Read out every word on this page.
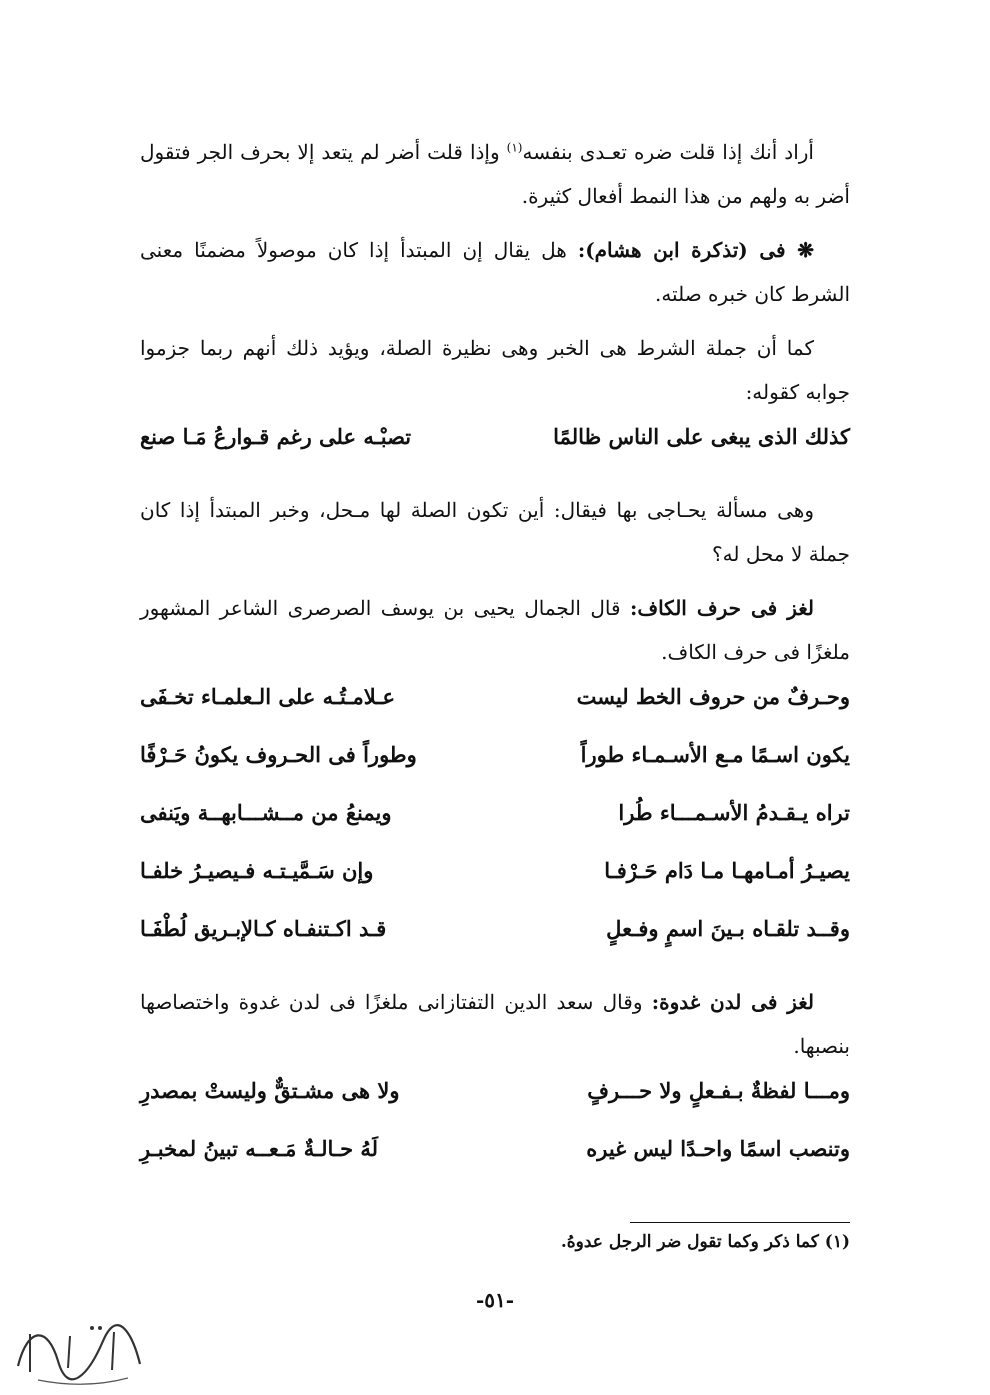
أراد أنك إذا قلت ضره تعـدى بنفسه$^{(١)}$ وإذا قلت أضر لم يتعد إلا بحرف الجر فتقول أضر به ولهم من هذا النمط أفعال كثيرة.

❋ فى (تذكرة ابن هشام): هل يقال إن المبتدأ إذا كان موصولاً مضمنًا معنى الشرط كان خبره صلته.

كما أن جملة الشرط هى الخبر وهى نظيرة الصلة، ويؤيد ذلك أنهم ربما جزموا جوابه كقوله:

كذلك الذى يبغى على الناس ظالمًا
تصبْـه على رغم قـوارعُ مَـا صنع

وهى مسألة يحـاجى بها فيقال: أين تكون الصلة لها مـحل، وخبر المبتدأ إذا كان جملة لا محل له؟

لغز فى حرف الكاف: قال الجمال يحيى بن يوسف الصرصرى الشاعر المشهور ملغزًا فى حرف الكاف.

وحـرفٌ من حروف الخط ليست
عـلامـتُـه على الـعلمـاء تخـفَى
يكون اسـمًا مـع الأسـمـاء طوراً
وطوراً فى الحـروف يكونُ حَـرْفًا
تراه يـقـدمُ الأسـمـــاء طُرا
ويمنعُ من مــشـــابهــة ويَنفى
يصيـرُ أمـامهـا مـا دَام حَـرْفـا
وإن سَـمَّيـتـه فـيصيـرُ خلفـا
وقــد تلقـاه بـينَ اسمٍ وفـعلٍ
قـد اكـتنفـاه كـالإبـريق لُطْفَـا

لغز فى لدن غدوة: وقال سعد الدين التفتازانى ملغزًا فى لدن غدوة واختصاصها بنصبها.

ومـــا لفظةٌ بـفـعلٍ ولا حـــرفٍ
ولا هى مشـتقٌّ وليستْ بمصدرِ
وتنصب اسمًا واحـدًا ليس غيره
لَهُ حـالـةٌ مَـعــه تبينُ لمخبـرِ
(١) كما ذكر وكما تقول ضر الرجل عدوهُ.
-٥١-
